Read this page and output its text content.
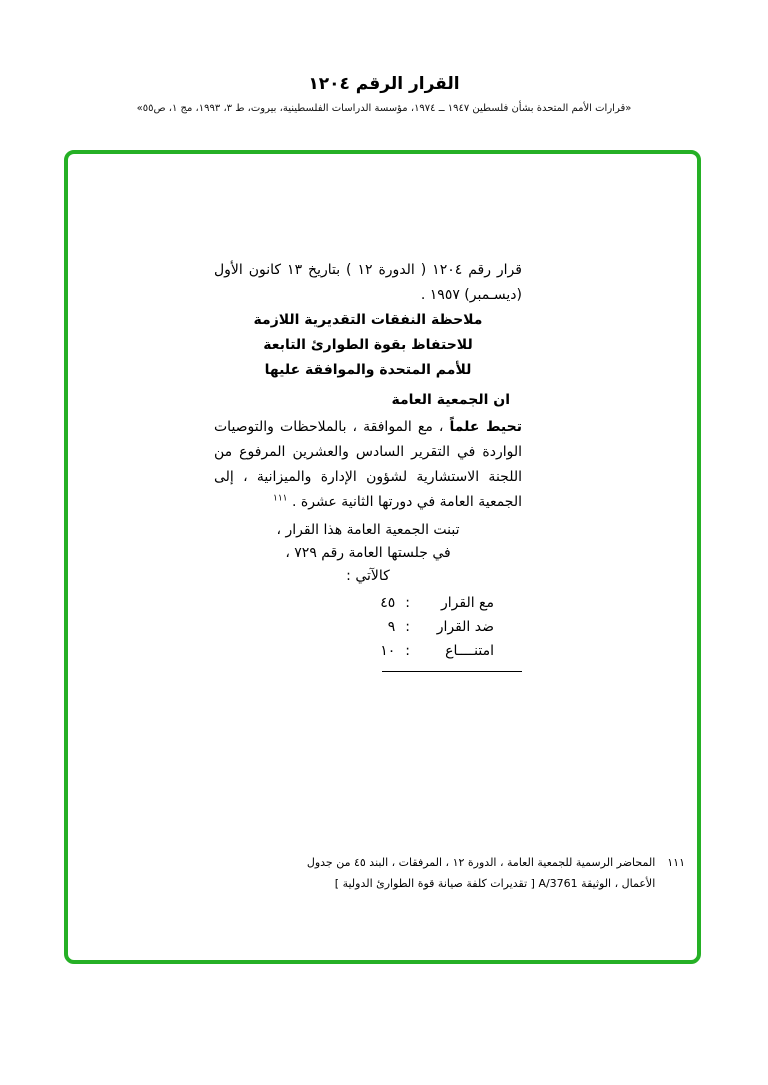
القرار الرقم ١٢٠٤
«قرارات الأمم المتحدة بشأن فلسطين ١٩٤٧ ــ ١٩٧٤، مؤسسة الدراسات الفلسطينية، بيروت، ط ٣، ١٩٩٣، مج ١، ص٥٥»

قرار رقم ١٢٠٤ ( الدورة ١٢ ) بتاريخ ١٣ كانون الأول (ديسـمبر) ١٩٥٧ .

ملاحظة النفقات التقديرية اللازمة

للاحتفاظ بقوة الطوارئ التابعة

للأمم المتحدة والموافقة عليها

ان الجمعية العامة

تحيط علماً ، مع الموافقة ، بالملاحظات والتوصيات الواردة في التقرير السادس والعشرين المرفوع من اللجنة الاستشارية لشؤون الإدارة والميزانية ، إلى الجمعية العامة في دورتها الثانية عشرة . $^{١١١}$

تبنت الجمعية العامة هذا القرار ،

في جلستها العامة رقم ٧٢٩ ،

كالآتي :

مع القرار
:
٤٥
ضد القرار
:
٩
امتنــــاع
:
١٠
١١١
المحاضر الرسمية للجمعية العامة ، الدورة ١٢ ، المرفقات ، البند ٤٥ من جدول الأعمال ، الوثيقة A/3761 [ تقديرات كلفة صيانة قوة الطوارئ الدولية ]
